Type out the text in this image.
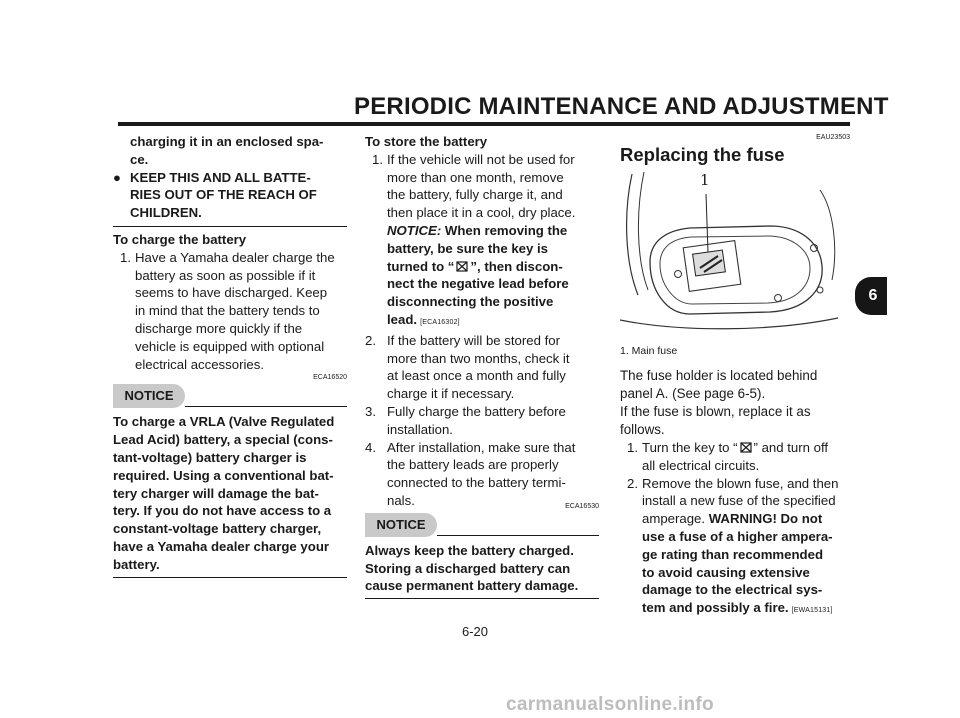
PERIODIC MAINTENANCE AND ADJUSTMENT
charging it in an enclosed spa-
ce.
● KEEP THIS AND ALL BATTE-
RIES OUT OF THE REACH OF
CHILDREN.
To charge the battery
1. Have a Yamaha dealer charge the
battery as soon as possible if it
seems to have discharged. Keep
in mind that the battery tends to
discharge more quickly if the
vehicle is equipped with optional
electrical accessories.
ECA16520
NOTICE
To charge a VRLA (Valve Regulated
Lead Acid) battery, a special (cons-
tant-voltage) battery charger is
required. Using a conventional bat-
tery charger will damage the bat-
tery. If you do not have access to a
constant-voltage battery charger,
have a Yamaha dealer charge your
battery.
To store the battery
1. If the vehicle will not be used for
more than one month, remove
the battery, fully charge it, and
then place it in a cool, dry place.
NOTICE: When removing the
battery, be sure the key is
turned to “ ”, then discon-
nect the negative lead before
disconnecting the positive
lead. [ECA16302]
2. If the battery will be stored for
more than two months, check it
at least once a month and fully
charge it if necessary.
3. Fully charge the battery before
installation.
4. After installation, make sure that
the battery leads are properly
connected to the battery termi-
nals.	ECA16530
NOTICE
Always keep the battery charged.
Storing a discharged battery can
cause permanent battery damage.
EAU23503
Replacing the fuse
1
1. Main fuse
The fuse holder is located behind
panel A. (See page 6-5).
If the fuse is blown, replace it as
follows.
1. Turn the key to “ ” and turn off
all electrical circuits.
2. Remove the blown fuse, and then
install a new fuse of the specified
amperage. WARNING! Do not
use a fuse of a higher ampera-
ge rating than recommended
to avoid causing extensive
damage to the electrical sys-
tem and possibly a fire. [EWA15131]
6
6-20
carmanualsonline.info
